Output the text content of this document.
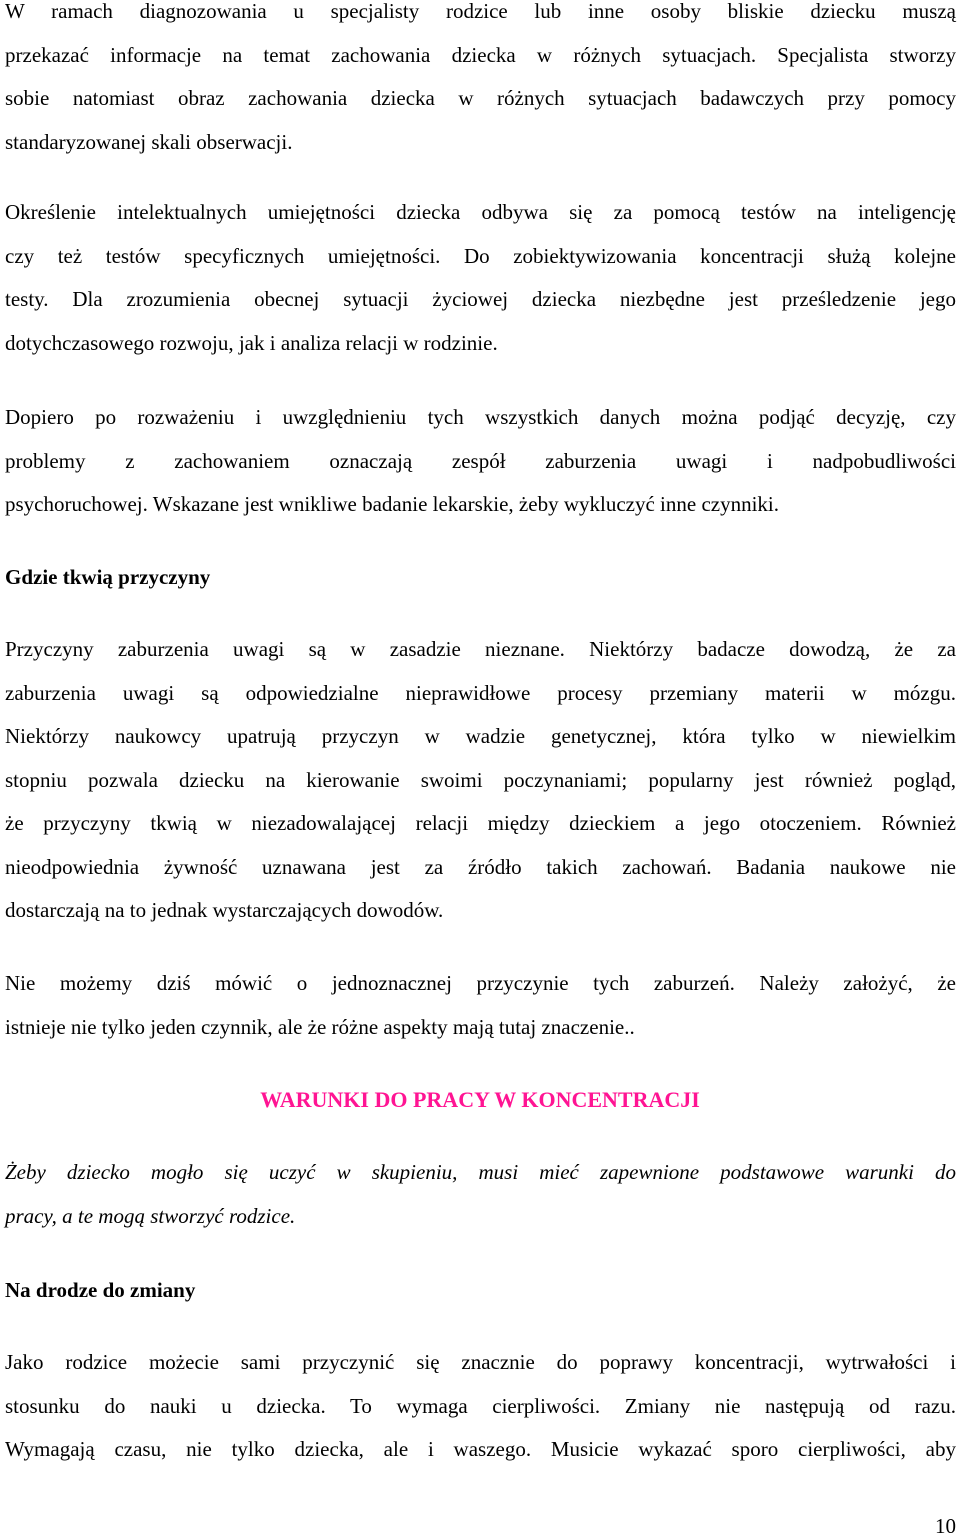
W ramach diagnozowania u specjalisty rodzice lub inne osoby bliskie dziecku muszą
przekazać informacje na temat zachowania dziecka w różnych sytuacjach. Specjalista stworzy
sobie natomiast obraz zachowania dziecka w różnych sytuacjach badawczych przy pomocy
standaryzowanej skali obserwacji.
Określenie intelektualnych umiejętności dziecka odbywa się za pomocą testów na inteligencję
czy też testów specyficznych umiejętności. Do zobiektywizowania koncentracji służą kolejne
testy. Dla zrozumienia obecnej sytuacji życiowej dziecka niezbędne jest prześledzenie jego
dotychczasowego rozwoju, jak i analiza relacji w rodzinie.
Dopiero po rozważeniu i uwzględnieniu tych wszystkich danych można podjąć decyzję, czy
problemy z zachowaniem oznaczają zespół zaburzenia uwagi i nadpobudliwości
psychoruchowej. Wskazane jest wnikliwe badanie lekarskie, żeby wykluczyć inne czynniki.
Gdzie tkwią przyczyny
Przyczyny zaburzenia uwagi są w zasadzie nieznane. Niektórzy badacze dowodzą, że za
zaburzenia uwagi są odpowiedzialne nieprawidłowe procesy przemiany materii w mózgu.
Niektórzy naukowcy upatrują przyczyn w wadzie genetycznej, która tylko w niewielkim
stopniu pozwala dziecku na kierowanie swoimi poczynaniami; popularny jest również pogląd,
że przyczyny tkwią w niezadowalającej relacji między dzieckiem a jego otoczeniem. Również
nieodpowiednia żywność uznawana jest za źródło takich zachowań. Badania naukowe nie
dostarczają na to jednak wystarczających dowodów.
Nie możemy dziś mówić o jednoznacznej przyczynie tych zaburzeń. Należy założyć, że
istnieje nie tylko jeden czynnik, ale że różne aspekty mają tutaj znaczenie..
WARUNKI DO PRACY W KONCENTRACJI
Żeby dziecko mogło się uczyć w skupieniu, musi mieć zapewnione podstawowe warunki do
pracy, a te mogą stworzyć rodzice.
Na drodze do zmiany
Jako rodzice możecie sami przyczynić się znacznie do poprawy koncentracji, wytrwałości i
stosunku do nauki u dziecka. To wymaga cierpliwości. Zmiany nie następują od razu.
Wymagają czasu, nie tylko dziecka, ale i waszego. Musicie wykazać sporo cierpliwości, aby
10
